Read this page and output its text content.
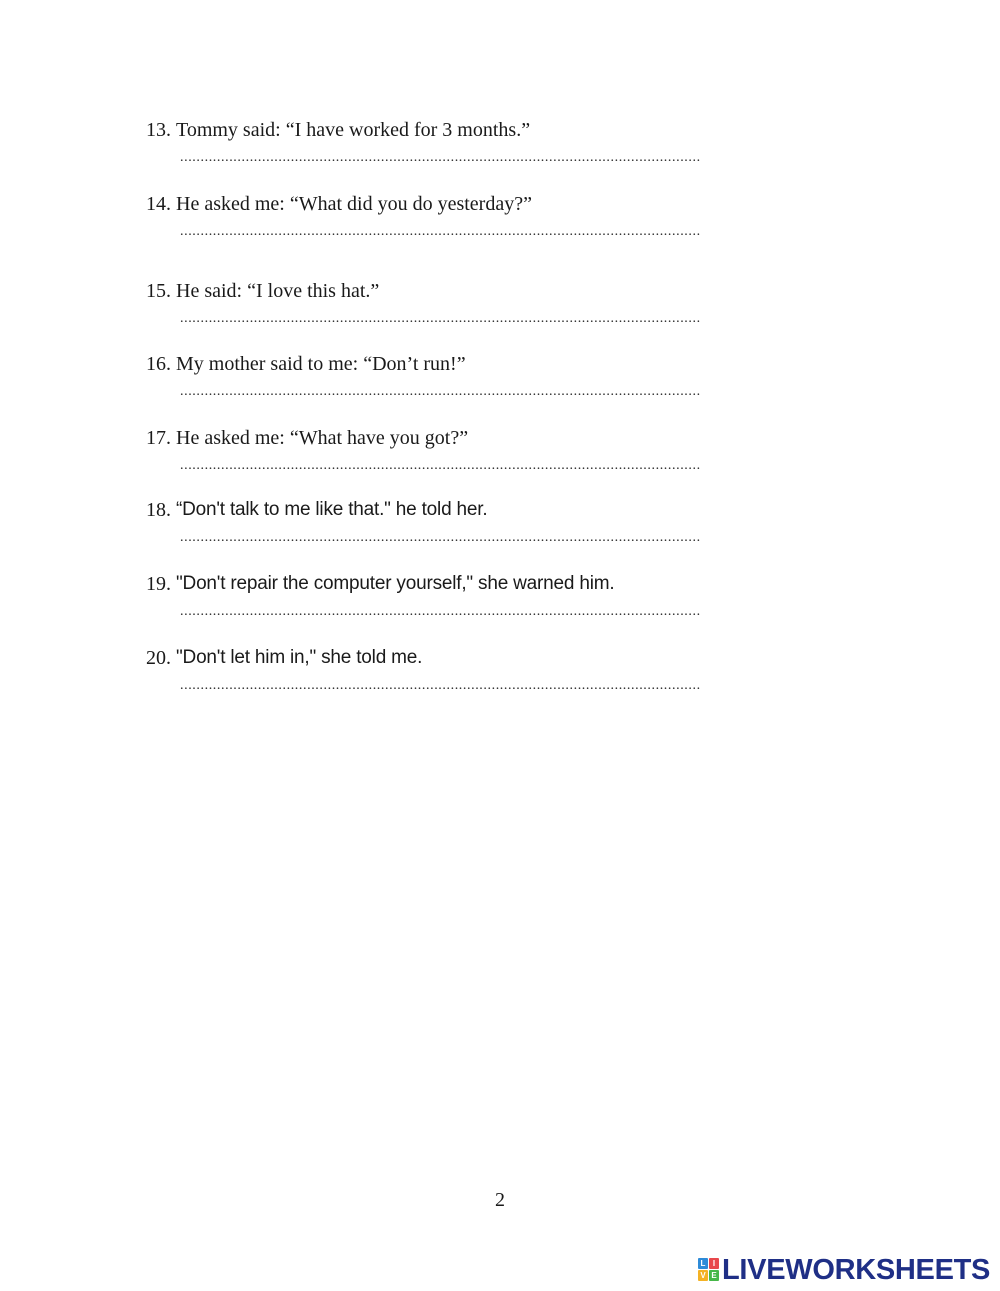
13. Tommy said: “I have worked for 3 months.”
...............................................................................................................................
14. He asked me: “What did you do yesterday?”
...............................................................................................................................
15. He said: “I love this hat.”
...............................................................................................................................
16. My mother said to me: “Don’t run!”
...............................................................................................................................
17. He asked me: “What have you got?”
...............................................................................................................................
18. “Don't talk to me like that." he told her.
...............................................................................................................................
19. "Don't repair the computer yourself," she warned him.
...............................................................................................................................
20. "Don't let him in," she told me.
...............................................................................................................................
2
L I
V E LIVEWORKSHEETS
